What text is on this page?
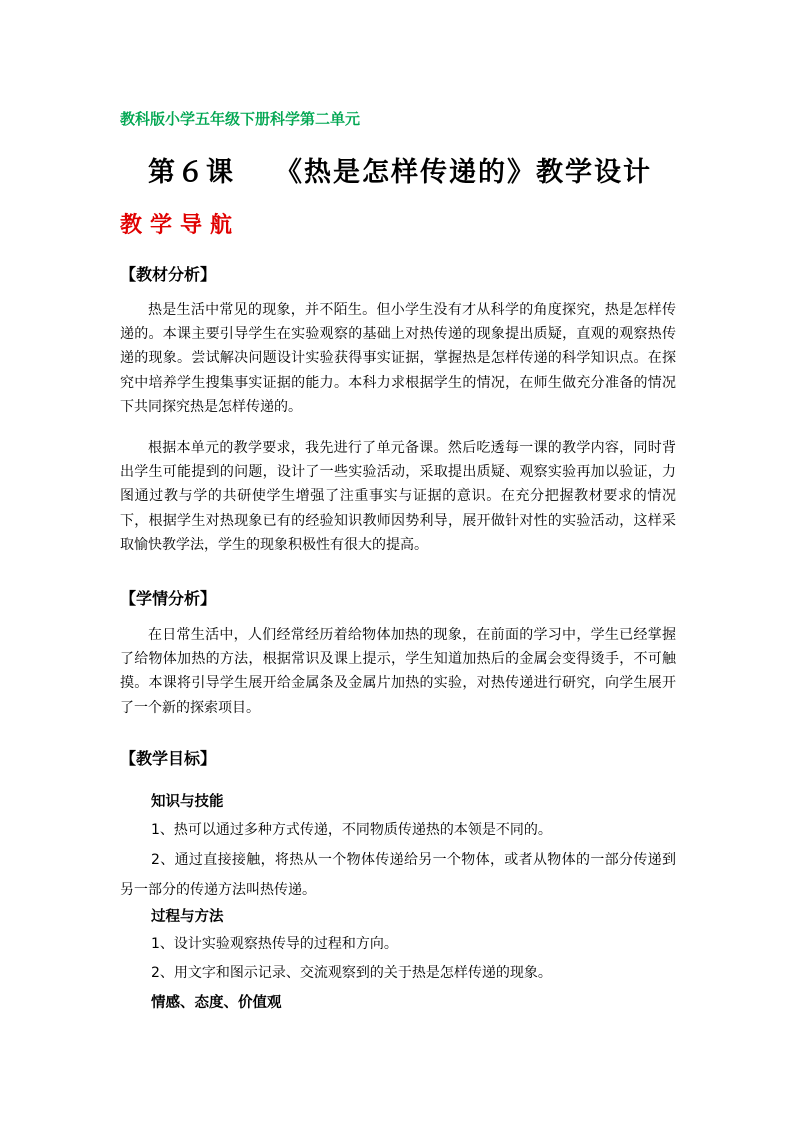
教科版小学五年级下册科学第二单元
第６课 《热是怎样传递的》教学设计
教学导航
【教材分析】
热是生活中常见的现象，并不陌生。但小学生没有才从科学的角度探究，热是怎样传递的。本课主要引导学生在实验观察的基础上对热传递的现象提出质疑，直观的观察热传递的现象。尝试解决问题设计实验获得事实证据，掌握热是怎样传递的科学知识点。在探究中培养学生搜集事实证据的能力。本科力求根据学生的情况，在师生做充分准备的情况下共同探究热是怎样传递的。
根据本单元的教学要求，我先进行了单元备课。然后吃透每一课的教学内容，同时背出学生可能提到的问题，设计了一些实验活动，采取提出质疑、观察实验再加以验证，力图通过教与学的共研使学生增强了注重事实与证据的意识。在充分把握教材要求的情况下，根据学生对热现象已有的经验知识教师因势利导，展开做针对性的实验活动，这样采取愉快教学法，学生的现象积极性有很大的提高。
【学情分析】
在日常生活中，人们经常经历着给物体加热的现象，在前面的学习中，学生已经掌握了给物体加热的方法，根据常识及课上提示，学生知道加热后的金属会变得烫手，不可触摸。本课将引导学生展开给金属条及金属片加热的实验，对热传递进行研究，向学生展开了一个新的探索项目。
【教学目标】
知识与技能
1、热可以通过多种方式传递，不同物质传递热的本领是不同的。
2、通过直接接触，将热从一个物体传递给另一个物体，或者从物体的一部分传递到另一部分的传递方法叫热传递。
过程与方法
1、设计实验观察热传导的过程和方向。
2、用文字和图示记录、交流观察到的关于热是怎样传递的现象。
情感、态度、价值观
